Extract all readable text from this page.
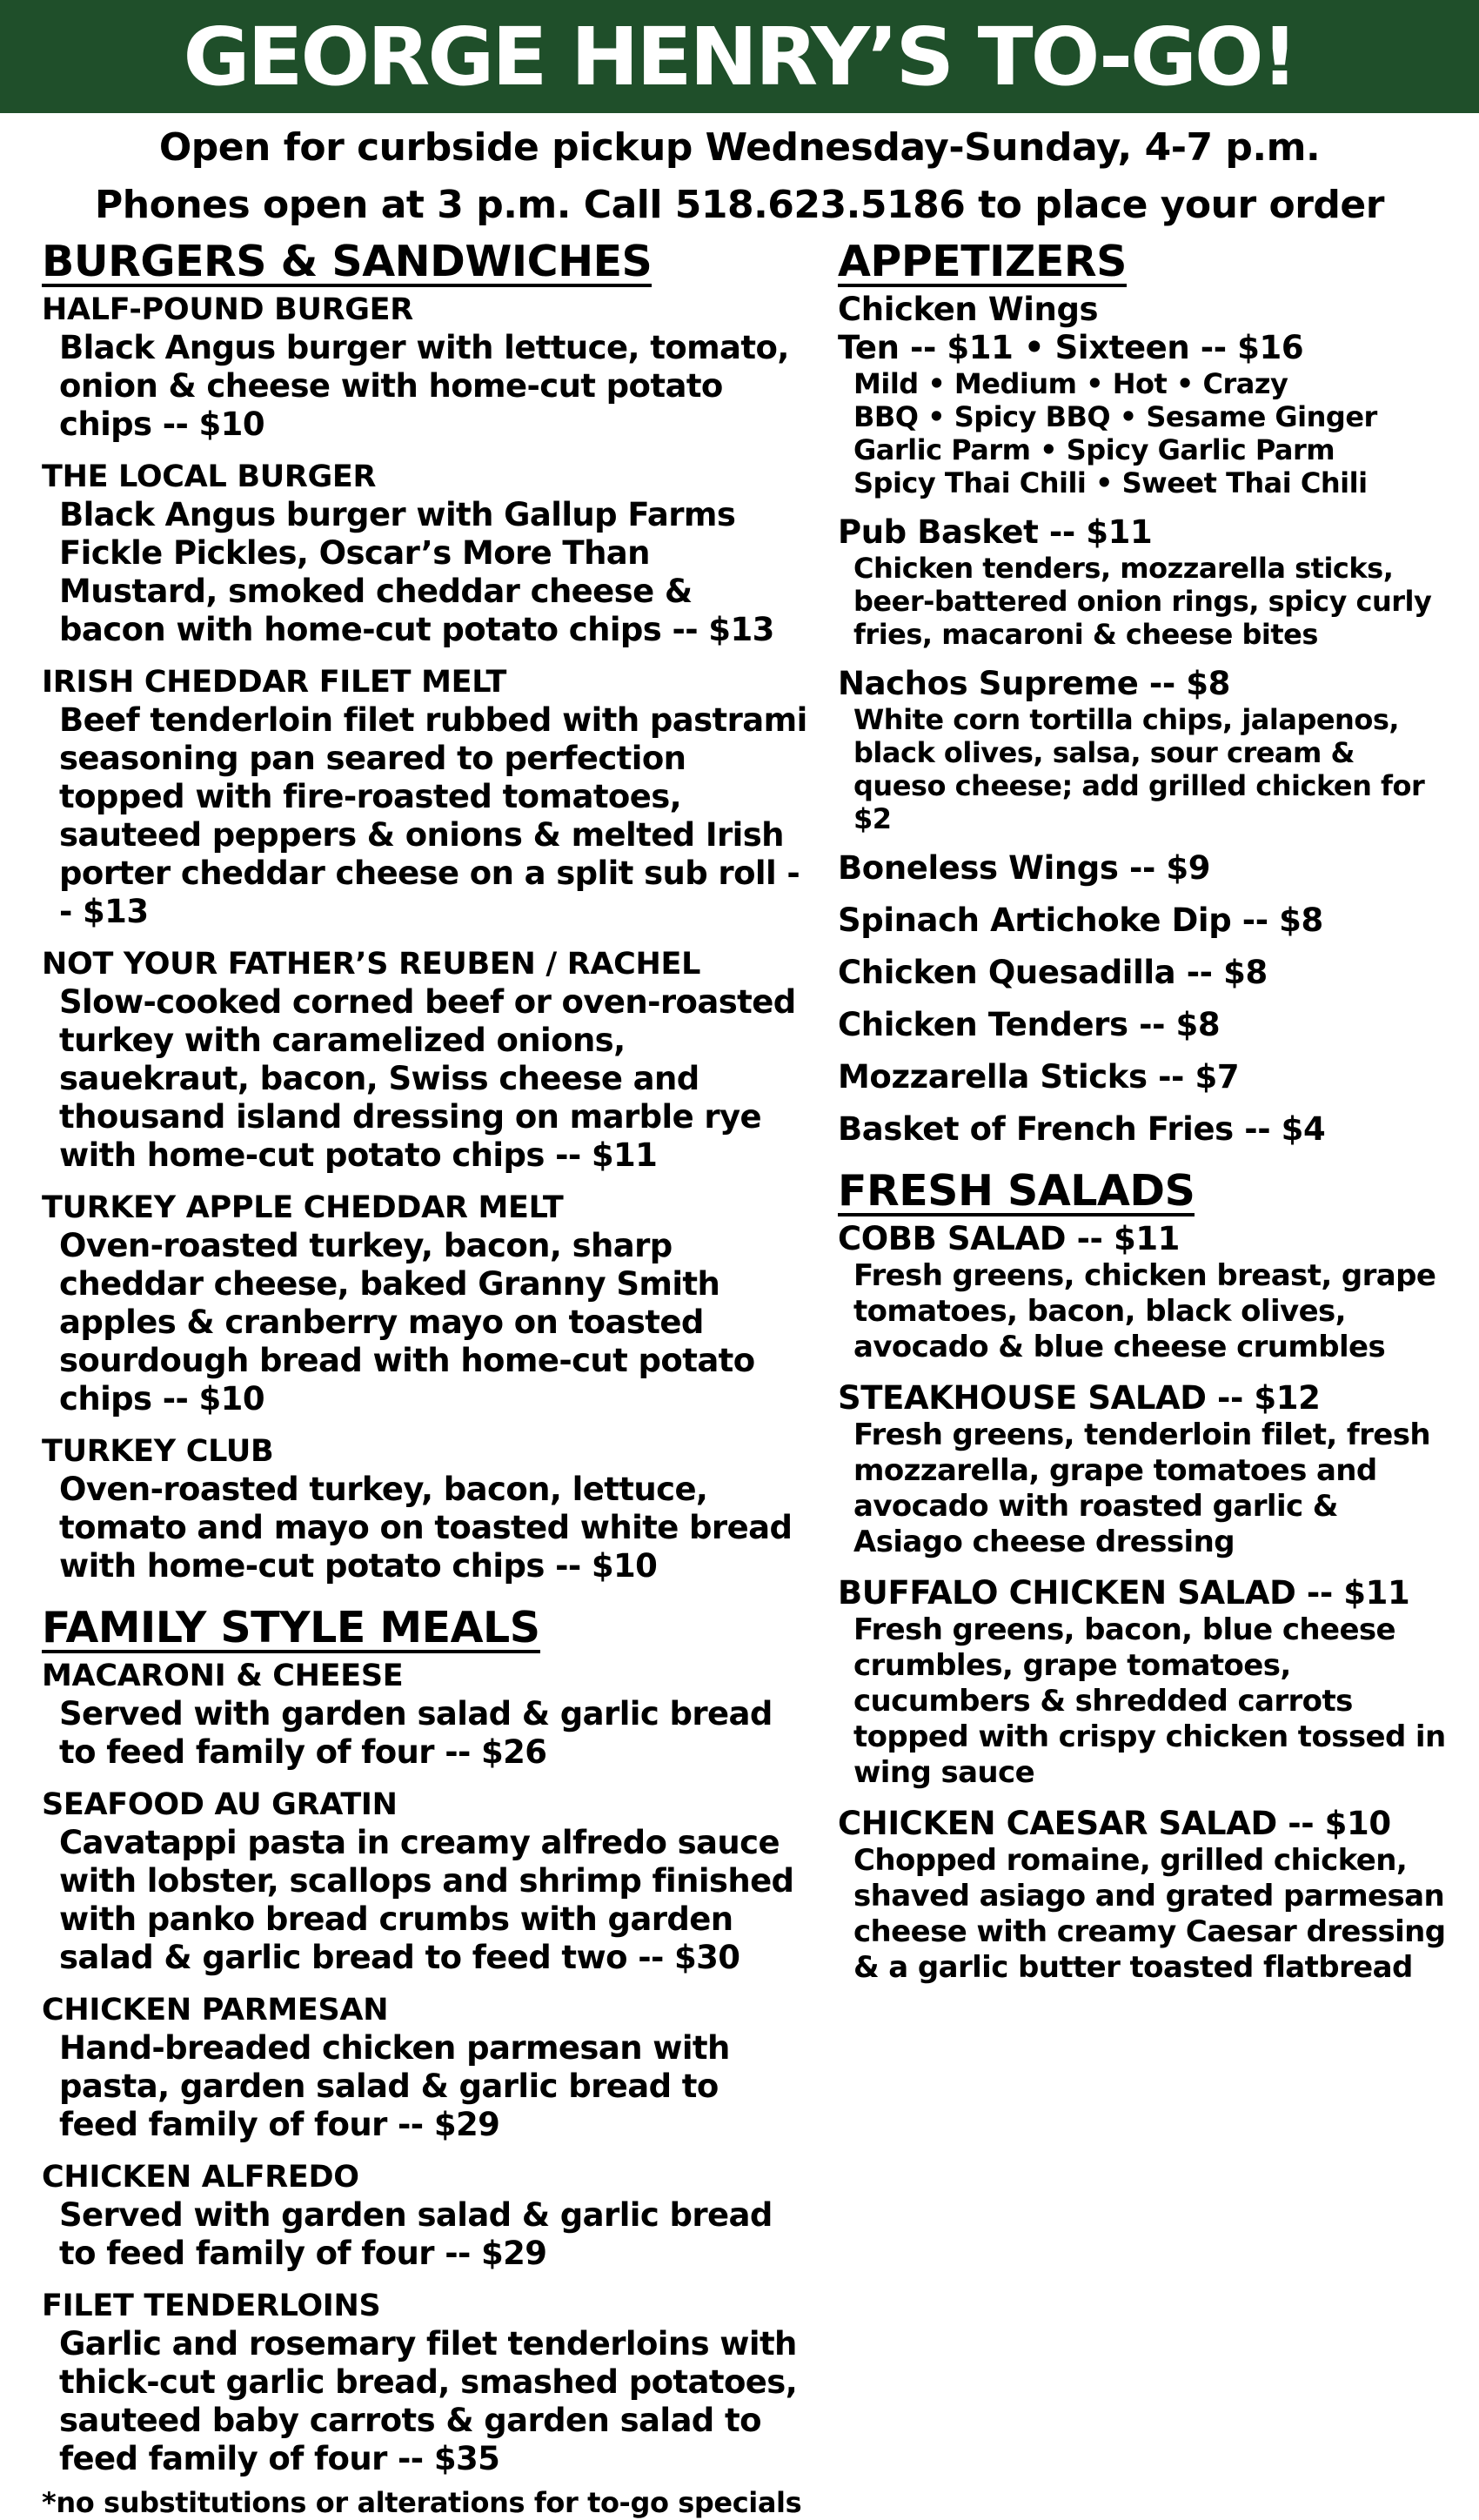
GEORGE HENRY’S TO-GO!
Open for curbside pickup Wednesday-Sunday, 4-7 p.m.
Phones open at 3 p.m. Call 518.623.5186 to place your order
BURGERS & SANDWICHES
HALF-POUND BURGER
Black Angus burger with lettuce, tomato, onion & cheese with home-cut potato chips -- $10
THE LOCAL BURGER
Black Angus burger with Gallup Farms Fickle Pickles, Oscar’s More Than Mustard, smoked cheddar cheese & bacon with home-cut potato chips -- $13
IRISH CHEDDAR FILET MELT
Beef tenderloin filet rubbed with pastrami seasoning pan seared to perfection topped with fire-roasted tomatoes, sauteed peppers & onions & melted Irish porter cheddar cheese on a split sub roll -- $13
NOT YOUR FATHER’S REUBEN / RACHEL
Slow-cooked corned beef or oven-roasted turkey with caramelized onions, sauekraut, bacon, Swiss cheese and thousand island dressing on marble rye with home-cut potato chips -- $11
TURKEY APPLE CHEDDAR MELT
Oven-roasted turkey, bacon, sharp cheddar cheese, baked Granny Smith apples & cranberry mayo on toasted sourdough bread with home-cut potato chips -- $10
TURKEY CLUB
Oven-roasted turkey, bacon, lettuce, tomato and mayo on toasted white bread with home-cut potato chips -- $10
FAMILY STYLE MEALS
MACARONI & CHEESE
Served with garden salad & garlic bread to feed family of four -- $26
SEAFOOD AU GRATIN
Cavatappi pasta in creamy alfredo sauce with lobster, scallops and shrimp finished with panko bread crumbs with garden salad & garlic bread to feed two -- $30
CHICKEN PARMESAN
Hand-breaded chicken parmesan with pasta, garden salad & garlic bread to feed family of four -- $29
CHICKEN ALFREDO
Served with garden salad & garlic bread to feed family of four -- $29
FILET TENDERLOINS
Garlic and rosemary filet tenderloins with thick-cut garlic bread, smashed potatoes, sauteed baby carrots & garden salad to feed family of four -- $35
*no substitutions or alterations for to-go specials
APPETIZERS
Chicken Wings
Ten -- $11 • Sixteen -- $16
Mild • Medium • Hot • Crazy
BBQ • Spicy BBQ • Sesame Ginger
Garlic Parm • Spicy Garlic Parm
Spicy Thai Chili • Sweet Thai Chili
Pub Basket -- $11
Chicken tenders, mozzarella sticks, beer-battered onion rings, spicy curly fries, macaroni & cheese bites
Nachos Supreme -- $8
White corn tortilla chips, jalapenos, black olives, salsa, sour cream & queso cheese; add grilled chicken for $2
Boneless Wings -- $9
Spinach Artichoke Dip -- $8
Chicken Quesadilla -- $8
Chicken Tenders -- $8
Mozzarella Sticks -- $7
Basket of French Fries -- $4
FRESH SALADS
COBB SALAD -- $11
Fresh greens, chicken breast, grape tomatoes, bacon, black olives, avocado & blue cheese crumbles
STEAKHOUSE SALAD -- $12
Fresh greens, tenderloin filet, fresh mozzarella, grape tomatoes and avocado with roasted garlic & Asiago cheese dressing
BUFFALO CHICKEN SALAD -- $11
Fresh greens, bacon, blue cheese crumbles, grape tomatoes, cucumbers & shredded carrots topped with crispy chicken tossed in wing sauce
CHICKEN CAESAR SALAD -- $10
Chopped romaine, grilled chicken, shaved asiago and grated parmesan cheese with creamy Caesar dressing & a garlic butter toasted flatbread
